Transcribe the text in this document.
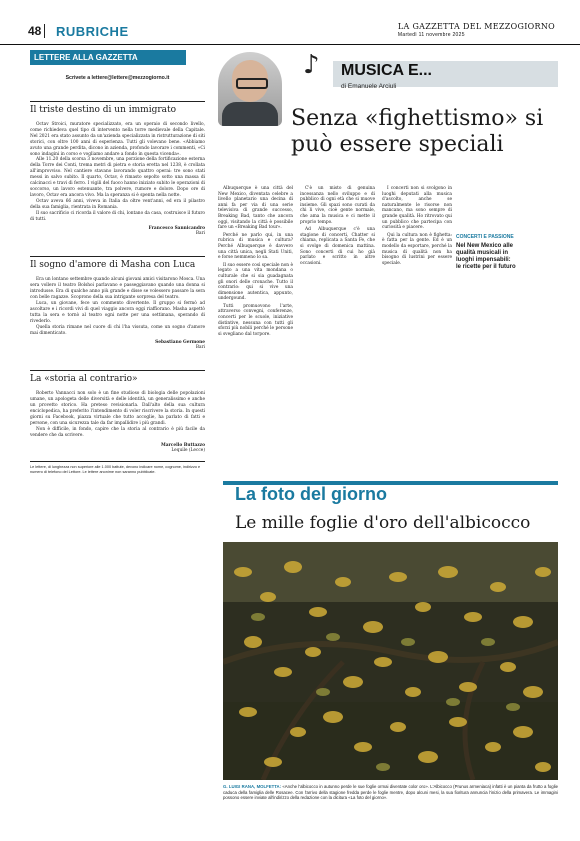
48	RUBRICHE	LA GAZZETTA DEL MEZZOGIORNO
Martedì 11 novembre 2025
LETTERE ALLA GAZZETTA
Scrivete a lettere@lettere@mezzogiorno.it
Il triste destino di un immigrato

Octav Stroici, muratore specializzato, era un operaio di secondo livello, come richiedeva quel tipo di intervento nella torre medievale della Capitale. Nel 2021 era stato assunto da un'azienda specializzata in ristrutturazione di siti storici, con oltre 100 anni di esperienza. Tutti gli volevano bene. «Abbiamo avuto una grande perdita, dicono in azienda, profondo lavorare i commenti, «Ci sono indagini in corso e vogliamo andare a fondo in questa vicenda».

Alle 11.20 della scorsa 3 novembre, una porzione della fortificazione esterna della Torre dei Conti, trema metri di pietra e storia eretta nel 1238, è crollata all'improvviso. Nel cantiere stavano lavorando quattro operai: tre sono stati messi in salvo subito. Il quarto, Octav, è rimasto sepolto sotto una massa di calcinacci e travi di ferro. I vigili del fuoco hanno iniziato subito le operazioni di soccorso, un lavoro estenuante, tra polvere, rumore e dolore. Dopo ore di lavoro, Octav era ancora vivo. Ma la speranza si è spenta nella notte.

Octav aveva 66 anni, viveva in Italia da oltre vent'anni, ed era il pilastro della sua famiglia, rientrata in Romania.

Il suo sacrificio ci ricorda il valore di chi, lontano da casa, costruisce il futuro di tutti.

Francesco Sannicandro
Bari
Il sogno d'amore di Masha con Luca

Era un lontano settembre quando alcuni giovani amici visitarono Mosca. Una sera vollero il teatro Bolshoi parlavano e passeggiavano quando una donna si introdusse. Era di qualche anno più grande e disse se volessero passare la sera con belle ragazze. Scoprono della sua intrigante sorpresa del teatro.

Luca, un giovane, fece un commento divertente. Il gruppo si fermò ad ascoltare e i ricordi vivi di quel viaggio ancora oggi riaffiorano. Masha aspettò tutta la sera e tornò al teatro ogni notte per una settimana, sperando di rivederlo.

Quella storia rimane nel cuore di chi l'ha vissuta, come un sogno d'amore mai dimenticato.

Sebastiano Germone
Bari
La «storia al contrario»

Roberto Vannacci non solo è un fine studioso di biologia delle popolazioni umane, un apologeta delle diversità e delle identità, un generalissimo e anche un provetto storico. Ha preteso revisionarla. Dall'alto della sua cultura enciclopedica, ha preferito l'intendimento di voler riscrivere la storia. In questi giorni su Facebook, piazza virtuale che tutto accoglie, ha parlato di fatti e persone, con una sicurezza tale da far impallidire i più grandi.

Non è difficile, in fondo, capire che la storia al contrario è più facile da vendere che da scrivere.

Marcello Buttazzo
Lequile (Lecce)
Le lettere, di lunghezza non superiore alle 1.000 battute, devono indicare nome, cognome, indirizzo e numero di telefono del Lettore. Le lettere anonime non saranno pubblicate.
♪ MUSICA E...
di Emanuele Arciuli
Senza «fighettismo» si può essere speciali

Albuquerque è una città del New Mexico, diventata celebre a livello planetario una decina di anni fa per via di una serie televisiva di grande successo, Breaking Bad, tanto che ancora oggi, visitando la città è possibile fare un «Breaking Bad tour».

Perché ne parlo qui, in una rubrica di musica e cultura? Perché Albuquerque è davvero una città unica, negli Stati Uniti, e forse nemmeno lo sa.

Il suo essere così speciale non è legato a una vita mondana o culturale che si sia guadagnata gli onori delle cronache. Tutto il contrario: qui si vive una dimensione autentica, appunto, undergound.

Tutti promuovono l'arte, attraverso convegni, conferenze, concerti per le scuole, iniziative distintive, nessuna con tutti gli sforzi più nobili perché le persone si svegliano dal torpore.

C'è un misto di genuina incessanza nello sviluppo e di pubblico di ogni età che si muove insieme. Gli spazi sono curati da chi li vive, cioè gente normale, che ama la musica e ci mette il proprio tempo.

Ad Albuquerque c'è una stagione di concerti, Chatter si chiama, replicata a Santa Fe, che si svolge di domenica mattina. Sono concerti di cui ho già parlato e scritto in altre occasioni.

I concerti non si svolgono in luoghi deputati alla musica d'ascolto, anche se naturalmente le risorse non mancano, ma sono sempre di grande qualità. Ho ritrovato qui un pubblico che partecipa con curiosità e piacere.

Qui la cultura non è fighetta: è fatta per la gente. Ed è un modello da esportare, perché la musica di qualità non ha bisogno di lustrini per essere speciale.

CONCERTI E PASSIONE
Nel New Mexico alle qualità musicali in luoghi impensabili: le ricette per il futuro
La foto del giorno
Le mille foglie d'oro dell'albicocco
G. LUIGI RANA, MOLFETTA: «Anche l'albicocco in autunno perde le sue foglie ormai diventate color oro». L'Albicocco (Prunus armeniaca) infatti è un pianta da frutto a foglie caduca della famiglia delle Rosacee. Con l'arrivo della stagione fredda perde le foglie mentre, dopo alcuni mesi, la sua fioritura annuncia l'inizio della primavera. Le immagini possono essere inviate all'indirizzo della redazione con la dicitura «La foto del giorno».
